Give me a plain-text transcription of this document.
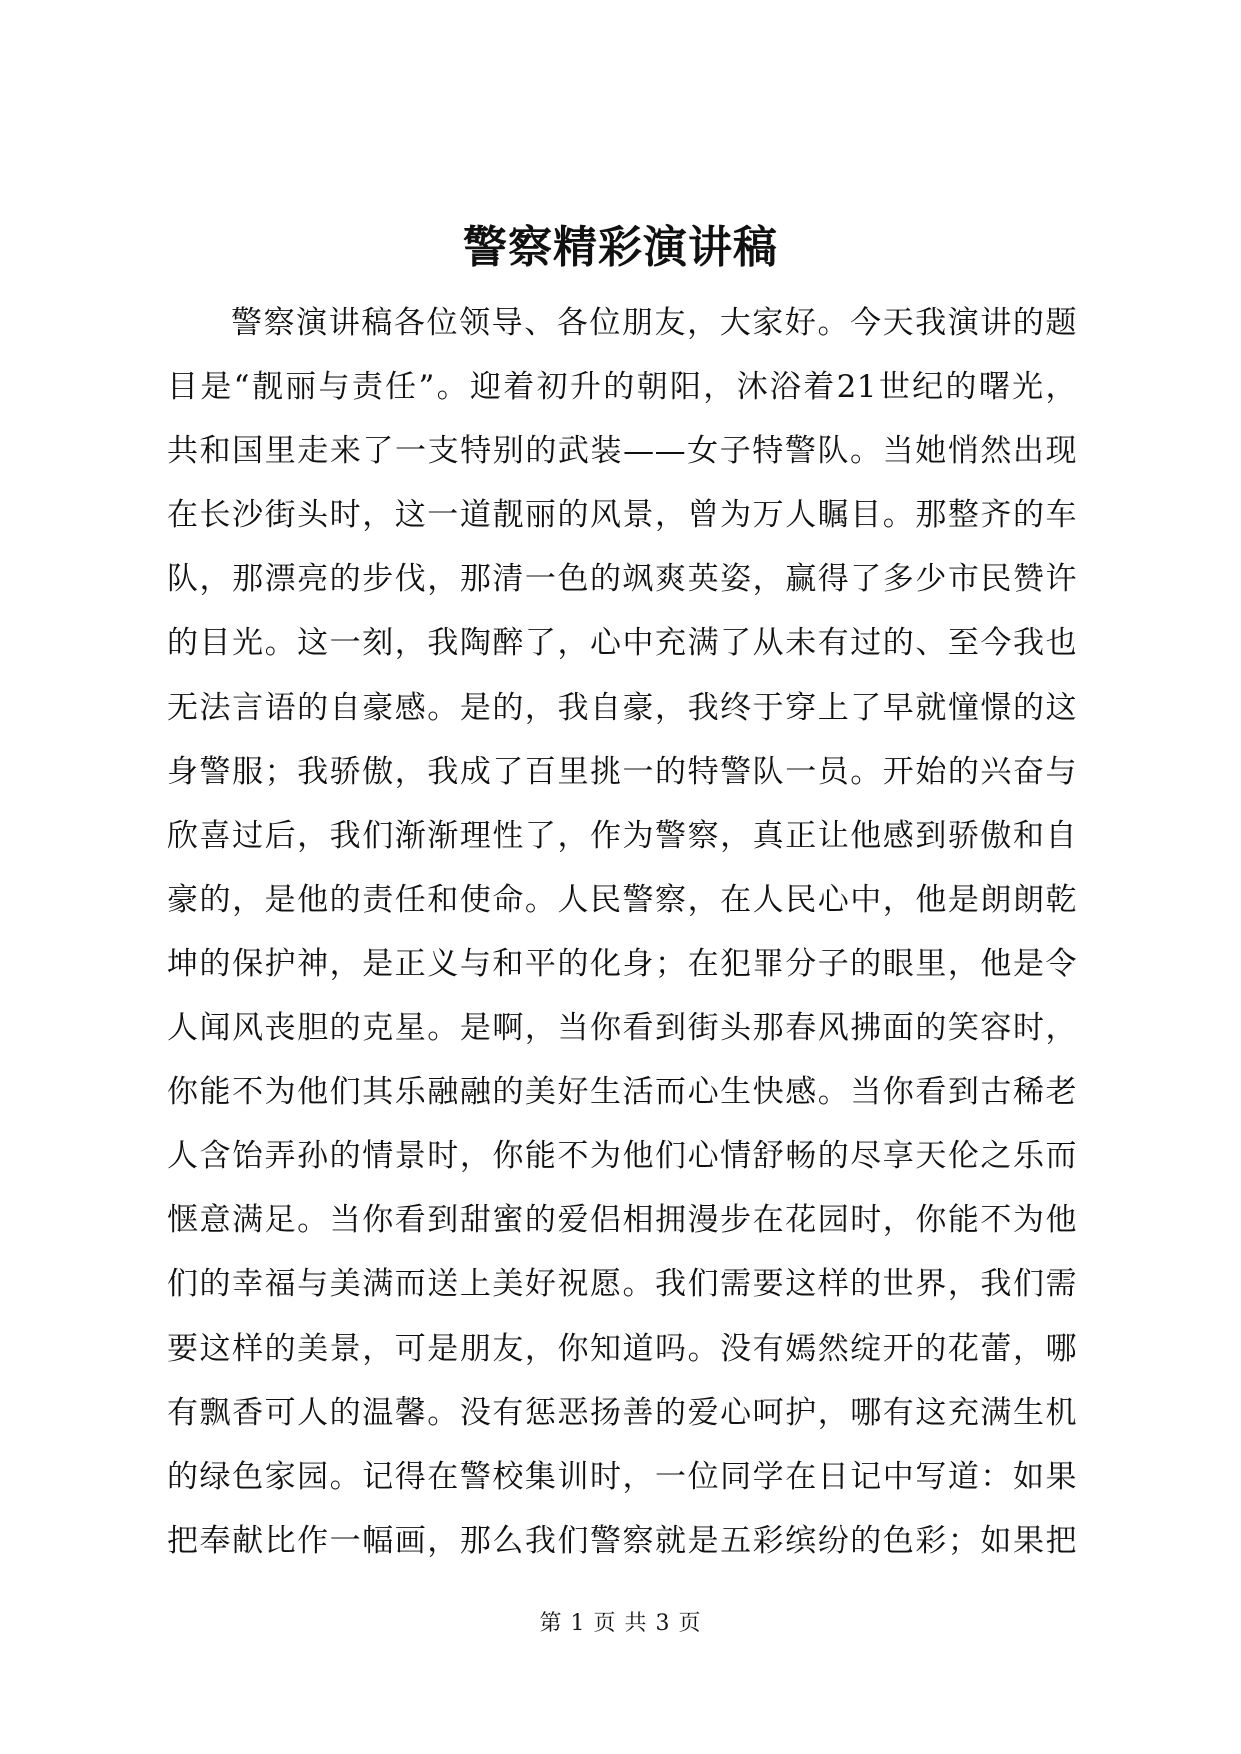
警察精彩演讲稿
警察演讲稿各位领导、各位朋友，大家好。今天我演讲的题
目是“靓丽与责任”。迎着初升的朝阳，沐浴着21世纪的曙光，
共和国里走来了一支特别的武装——女子特警队。当她悄然出现
在长沙街头时，这一道靓丽的风景，曾为万人瞩目。那整齐的车
队，那漂亮的步伐，那清一色的飒爽英姿，赢得了多少市民赞许
的目光。这一刻，我陶醉了，心中充满了从未有过的、至今我也
无法言语的自豪感。是的，我自豪，我终于穿上了早就憧憬的这
身警服；我骄傲，我成了百里挑一的特警队一员。开始的兴奋与
欣喜过后，我们渐渐理性了，作为警察，真正让他感到骄傲和自
豪的，是他的责任和使命。人民警察，在人民心中，他是朗朗乾
坤的保护神，是正义与和平的化身；在犯罪分子的眼里，他是令
人闻风丧胆的克星。是啊，当你看到街头那春风拂面的笑容时，
你能不为他们其乐融融的美好生活而心生快感。当你看到古稀老
人含饴弄孙的情景时，你能不为他们心情舒畅的尽享天伦之乐而
惬意满足。当你看到甜蜜的爱侣相拥漫步在花园时，你能不为他
们的幸福与美满而送上美好祝愿。我们需要这样的世界，我们需
要这样的美景，可是朋友，你知道吗。没有嫣然绽开的花蕾，哪
有飘香可人的温馨。没有惩恶扬善的爱心呵护，哪有这充满生机
的绿色家园。记得在警校集训时，一位同学在日记中写道：如果
把奉献比作一幅画，那么我们警察就是五彩缤纷的色彩；如果把
第 1 页 共 3 页
